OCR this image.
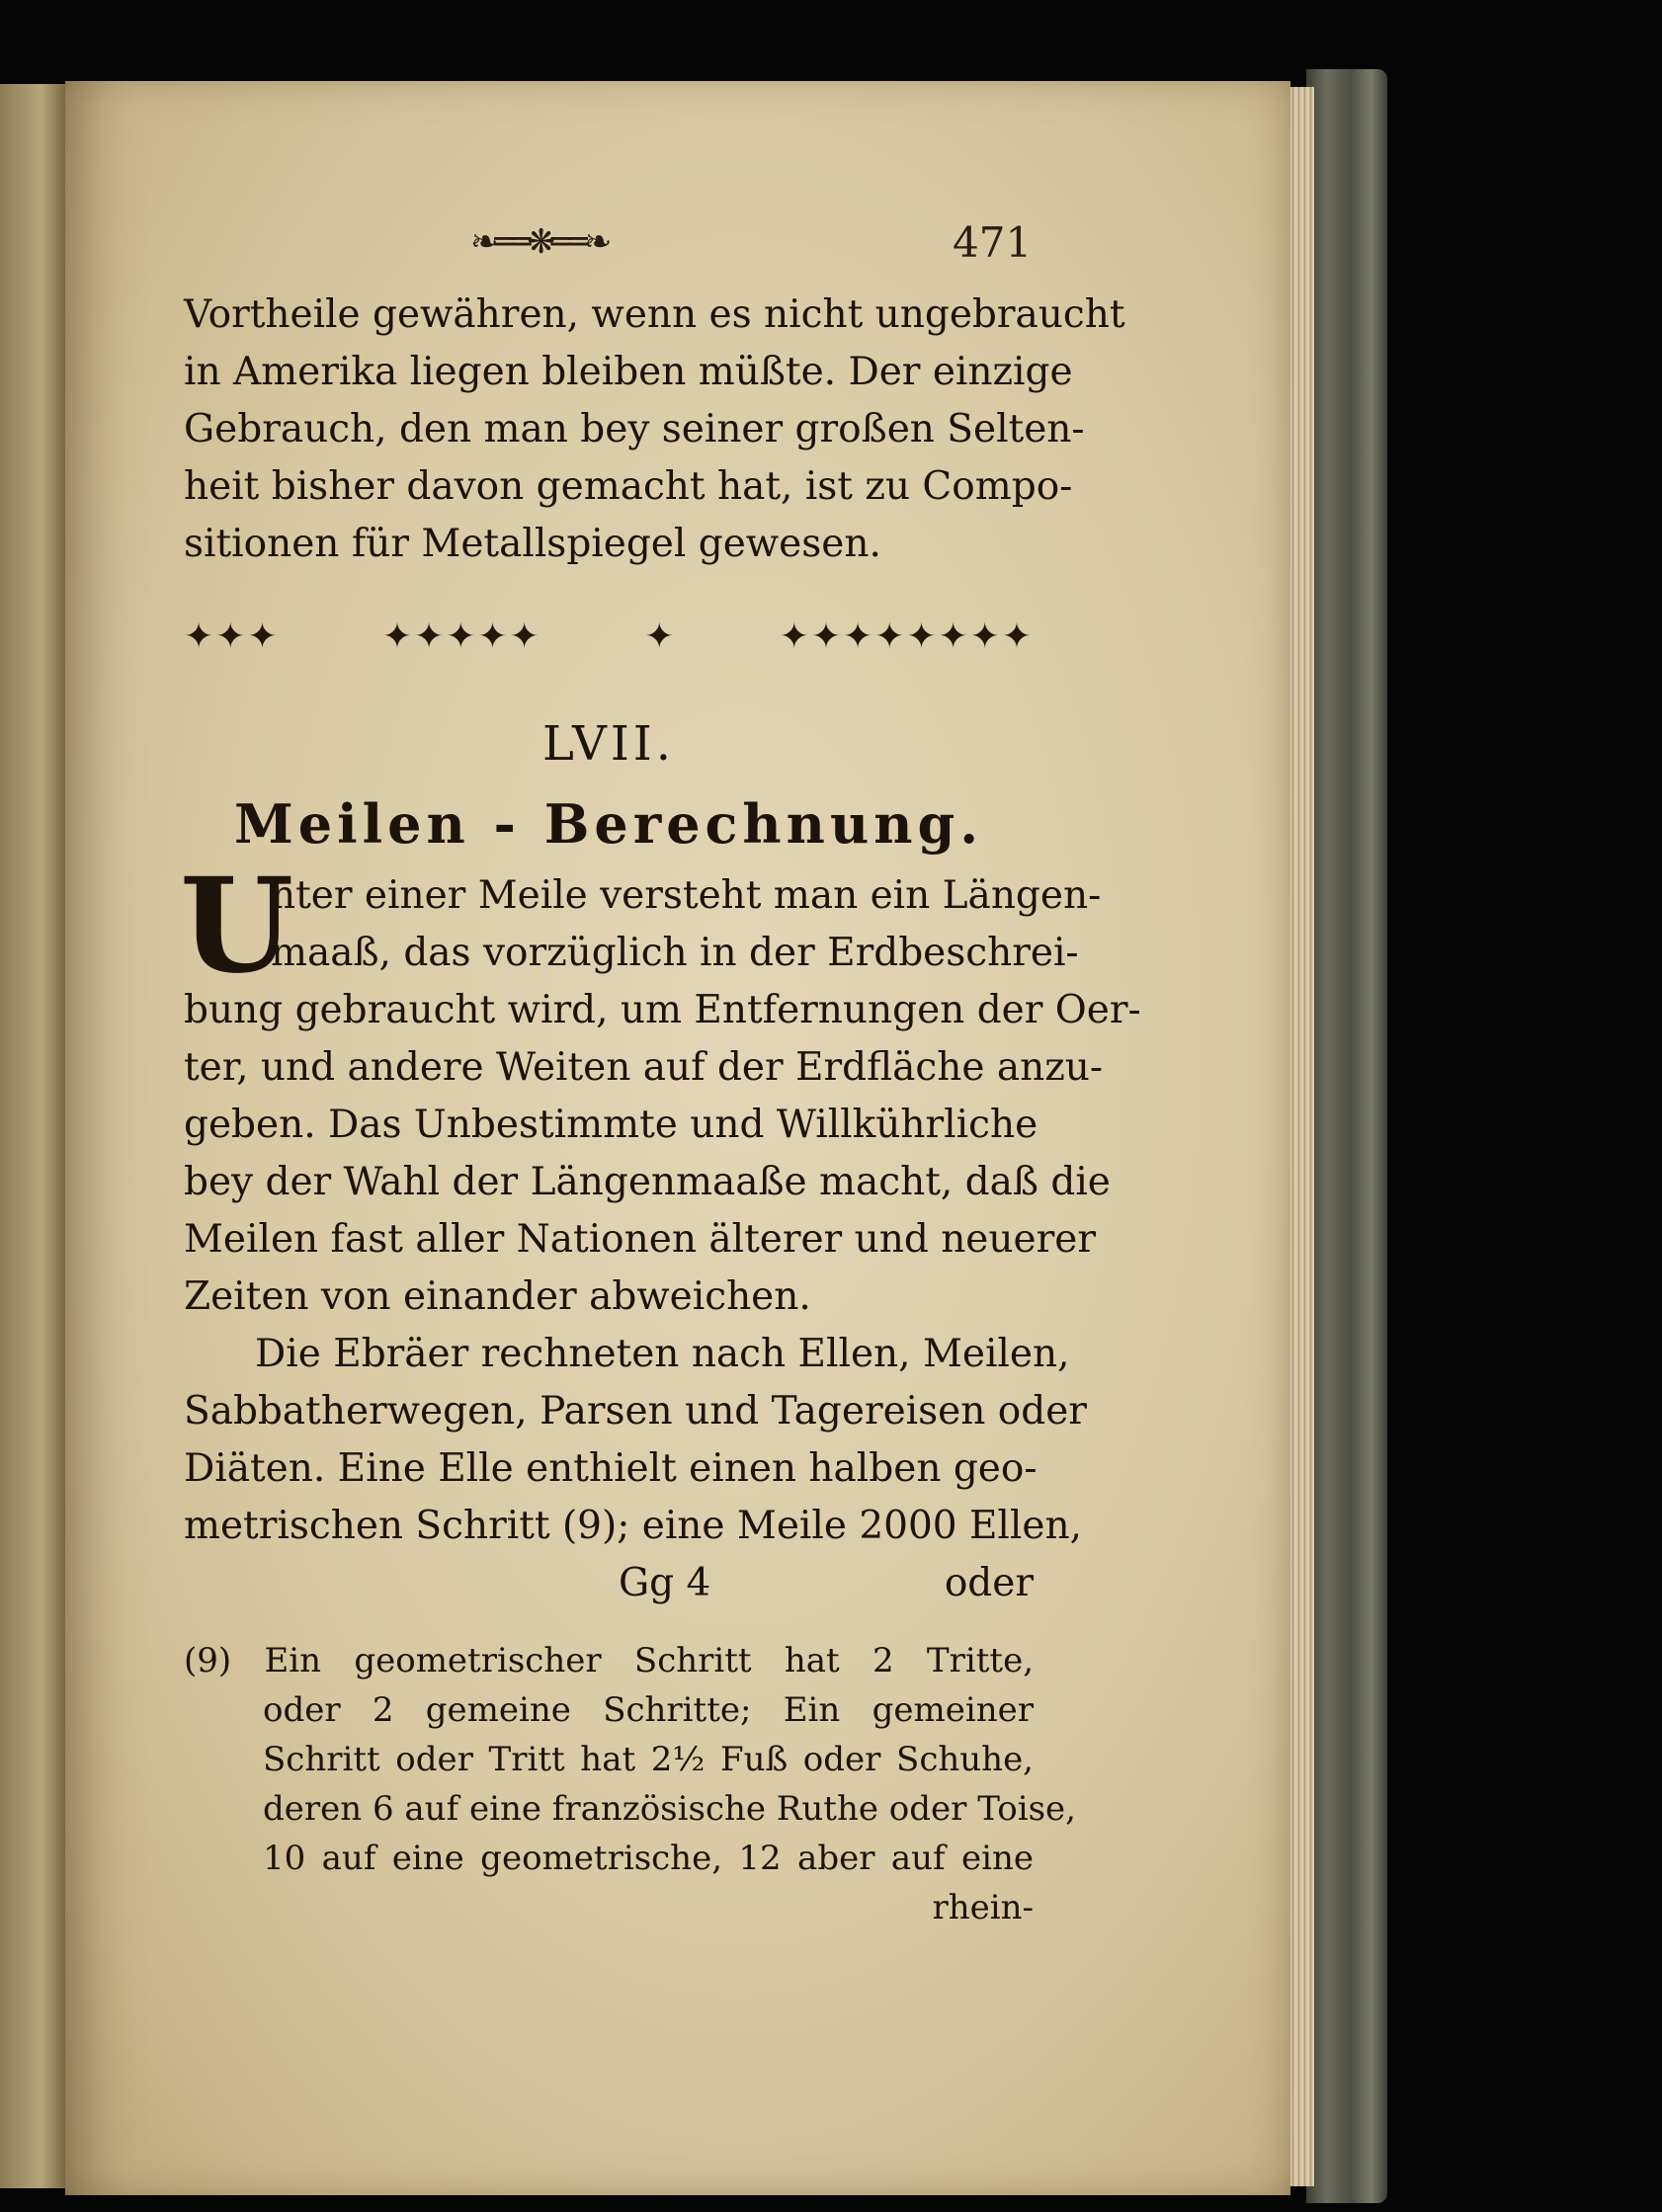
❧══❋══❧	471
Vortheile gewähren, wenn es nicht ungebraucht
in Amerika liegen bleiben müßte. Der einzige
Gebrauch, den man bey seiner großen Selten-
heit bisher davon gemacht hat, ist zu Compo-
sitionen für Metallspiegel gewesen.
✦✦✦ ✦✦✦✦✦ ✦ ✦✦✦✦✦✦✦✦
LVII.
Meilen - Berechnung.
U
nter einer Meile versteht man ein Längen-
maaß, das vorzüglich in der Erdbeschrei-
bung gebraucht wird, um Entfernungen der Oer-
ter, und andere Weiten auf der Erdfläche anzu-
geben. Das Unbestimmte und Willkührliche
bey der Wahl der Längenmaaße macht, daß die
Meilen fast aller Nationen älterer und neuerer
Zeiten von einander abweichen.
Die Ebräer rechneten nach Ellen, Meilen,
Sabbatherwegen, Parsen und Tagereisen oder
Diäten. Eine Elle enthielt einen halben geo-
metrischen Schritt (9); eine Meile 2000 Ellen,
Gg 4	oder
(9) Ein geometrischer Schritt hat 2 Tritte,
oder 2 gemeine Schritte; Ein gemeiner
Schritt oder Tritt hat 2½ Fuß oder Schuhe,
deren 6 auf eine französische Ruthe oder Toise,
10 auf eine geometrische, 12 aber auf eine
rhein-
